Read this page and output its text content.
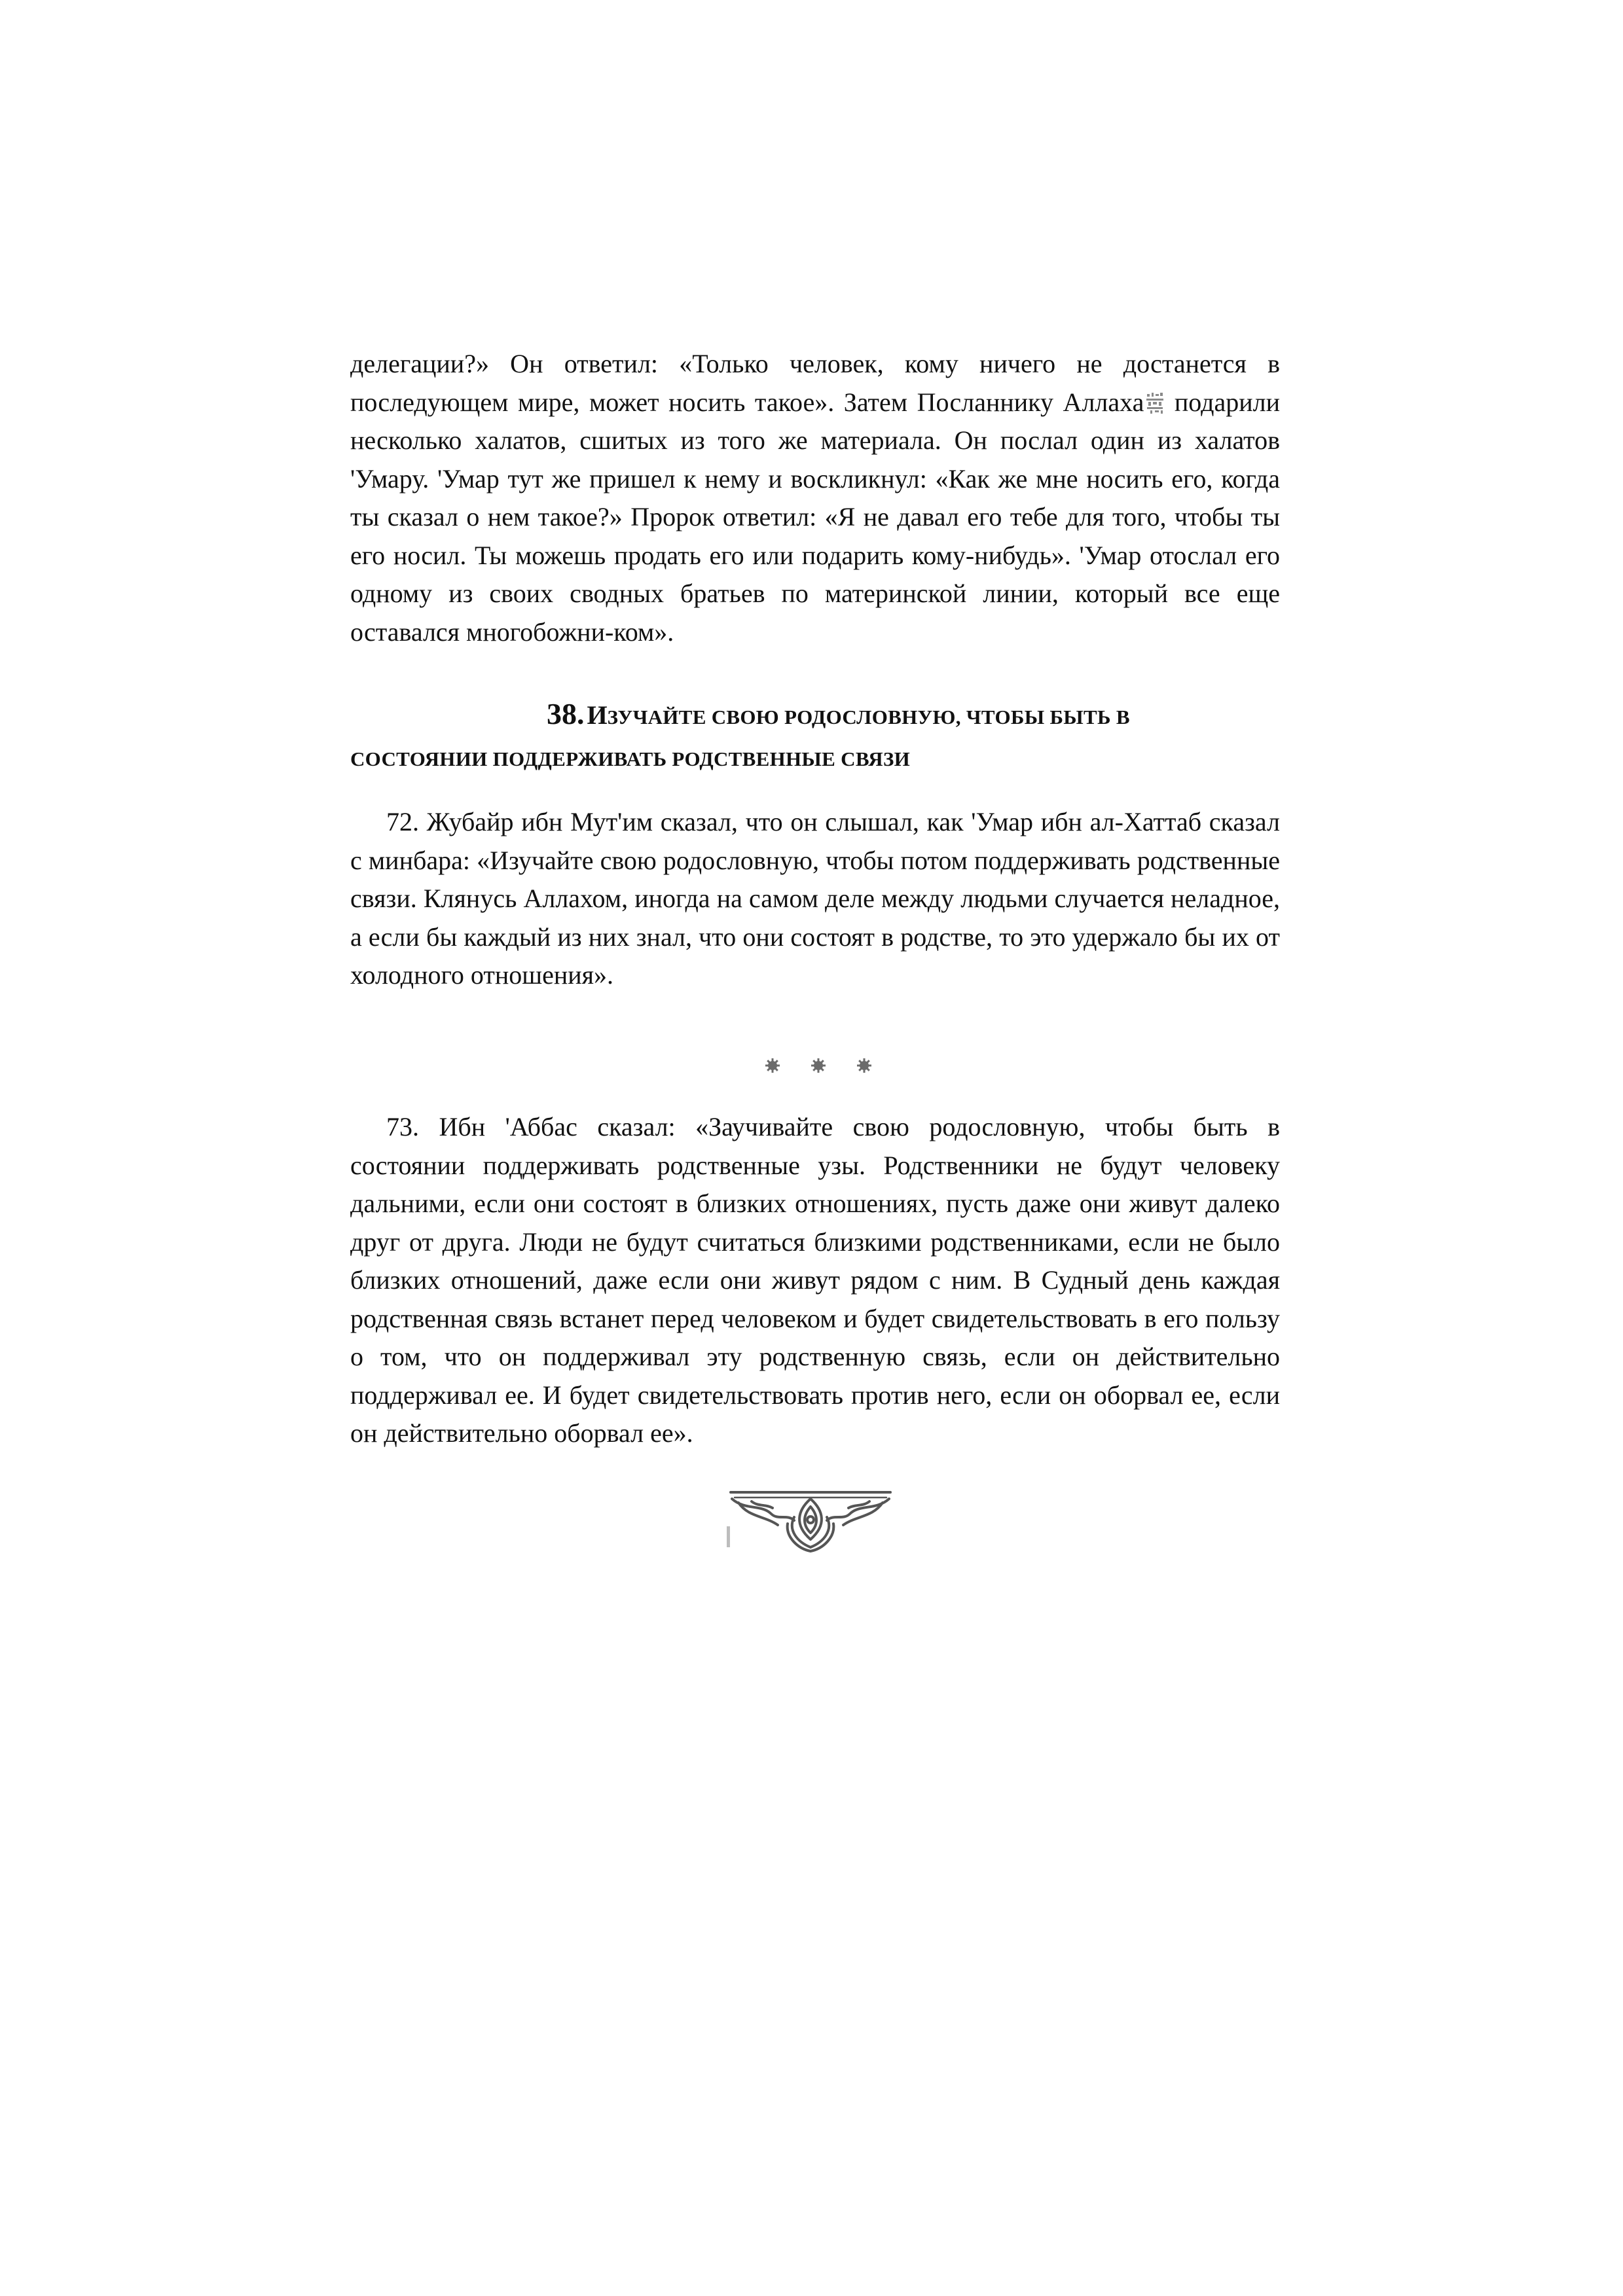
делегации?» Он ответил: «Только человек, кому ничего не достанется в последующем мире, может носить такое». Затем Посланнику Аллаха подарили несколько халатов, сшитых из того же материала. Он послал один из халатов 'Умару. 'Умар тут же пришел к нему и воскликнул: «Как же мне носить его, когда ты сказал о нем такое?» Пророк ответил: «Я не давал его тебе для того, чтобы ты его носил. Ты можешь продать его или подарить кому-нибудь». 'Умар отослал его одному из своих сводных братьев по материнской линии, который все еще оставался многобожни-ком».

38. ИЗУЧАЙТЕ СВОЮ РОДОСЛОВНУЮ, ЧТОБЫ БЫТЬ В
СОСТОЯНИИ ПОДДЕРЖИВАТЬ РОДСТВЕННЫЕ СВЯЗИ

72. Жубайр ибн Мут'им сказал, что он слышал, как 'Умар ибн ал-Хаттаб сказал с минбара: «Изучайте свою родословную, чтобы потом поддерживать родственные связи. Клянусь Аллахом, иногда на самом деле между людьми случается неладное, а если бы каждый из них знал, что они состоят в родстве, то это удержало бы их от холодного отношения».

73. Ибн 'Аббас сказал: «Заучивайте свою родословную, чтобы быть в состоянии поддерживать родственные узы. Родственники не будут человеку дальними, если они состоят в близких отношениях, пусть даже они живут далеко друг от друга. Люди не будут считаться близкими родственниками, если не было близких отношений, даже если они живут рядом с ним. В Судный день каждая родственная связь встанет перед человеком и будет свидетельствовать в его пользу о том, что он поддерживал эту родственную связь, если он действительно поддерживал ее. И будет свидетельствовать против него, если он оборвал ее, если он действительно оборвал ее».
